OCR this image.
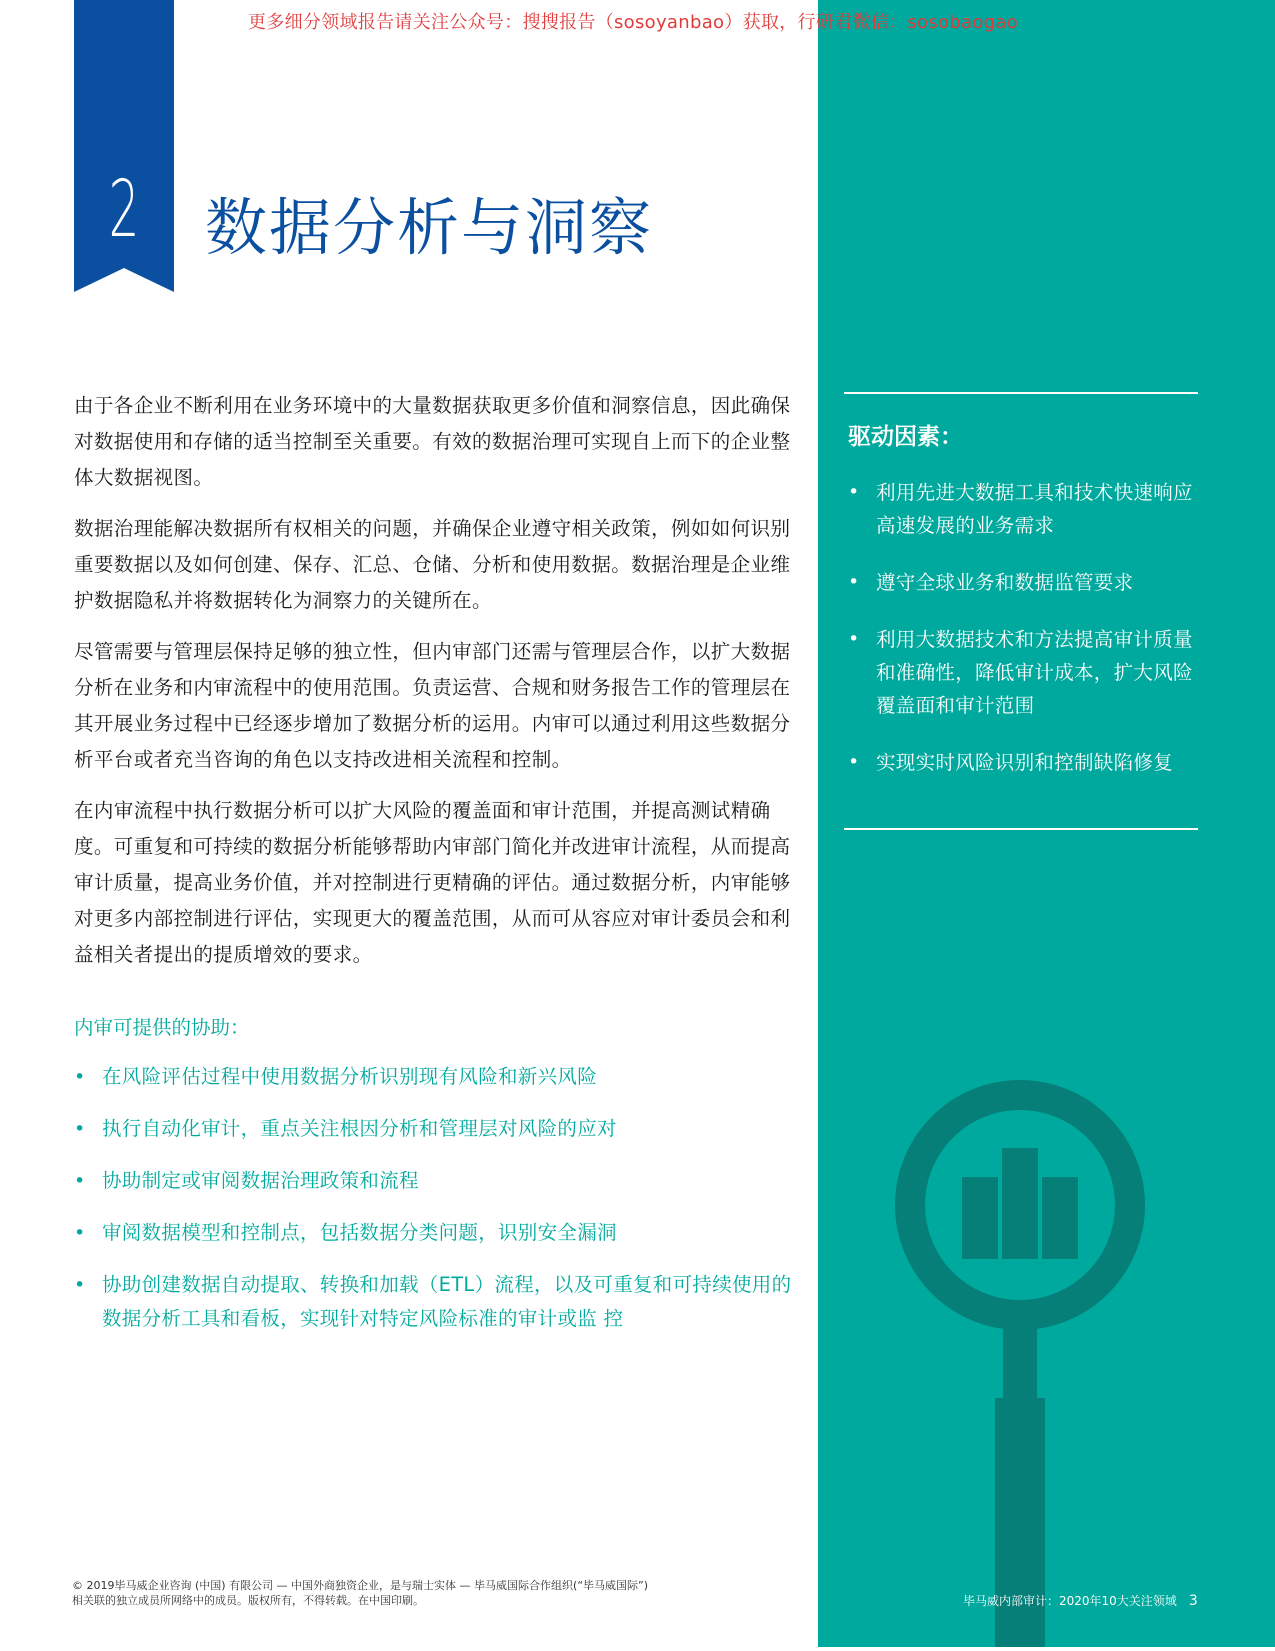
更多细分领域报告请关注公众号：搜搜报告（sosoyanbao）获取，行研君微信：sosobaogao
2 数据分析与洞察

由于各企业不断利用在业务环境中的大量数据获取更多价值和洞察信息，因此确保对数据使用和存储的适当控制至关重要。有效的数据治理可实现自上而下的企业整体大数据视图。

数据治理能解决数据所有权相关的问题，并确保企业遵守相关政策，例如如何识别重要数据以及如何创建、保存、汇总、仓储、分析和使用数据。数据治理是企业维护数据隐私并将数据转化为洞察力的关键所在。

尽管需要与管理层保持足够的独立性，但内审部门还需与管理层合作，以扩大数据分析在业务和内审流程中的使用范围。负责运营、合规和财务报告工作的管理层在其开展业务过程中已经逐步增加了数据分析的运用。内审可以通过利用这些数据分析平台或者充当咨询的角色以支持改进相关流程和控制。

在内审流程中执行数据分析可以扩大风险的覆盖面和审计范围，并提高测试精确度。可重复和可持续的数据分析能够帮助内审部门简化并改进审计流程，从而提高审计质量，提高业务价值，并对控制进行更精确的评估。通过数据分析，内审能够对更多内部控制进行评估，实现更大的覆盖范围，从而可从容应对审计委员会和利益相关者提出的提质增效的要求。

内审可提供的协助：
• 在风险评估过程中使用数据分析识别现有风险和新兴风险
• 执行自动化审计，重点关注根因分析和管理层对风险的应对
• 协助制定或审阅数据治理政策和流程
• 审阅数据模型和控制点，包括数据分类问题，识别安全漏洞
• 协助创建数据自动提取、转换和加载（ETL）流程，以及可重复和可持续使用的数据分析工具和看板，实现针对特定风险标准的审计或监 控
驱动因素：
• 利用先进大数据工具和技术快速响应高速发展的业务需求
• 遵守全球业务和数据监管要求
• 利用大数据技术和方法提高审计质量和准确性，降低审计成本，扩大风险覆盖面和审计范围
• 实现实时风险识别和控制缺陷修复
© 2019毕马威企业咨询 (中国) 有限公司 — 中国外商独资企业，是与瑞士实体 — 毕马威国际合作组织(“毕马威国际”)
相关联的独立成员所网络中的成员。版权所有，不得转载。在中国印刷。	毕马威内部审计：2020年10大关注领域 3
